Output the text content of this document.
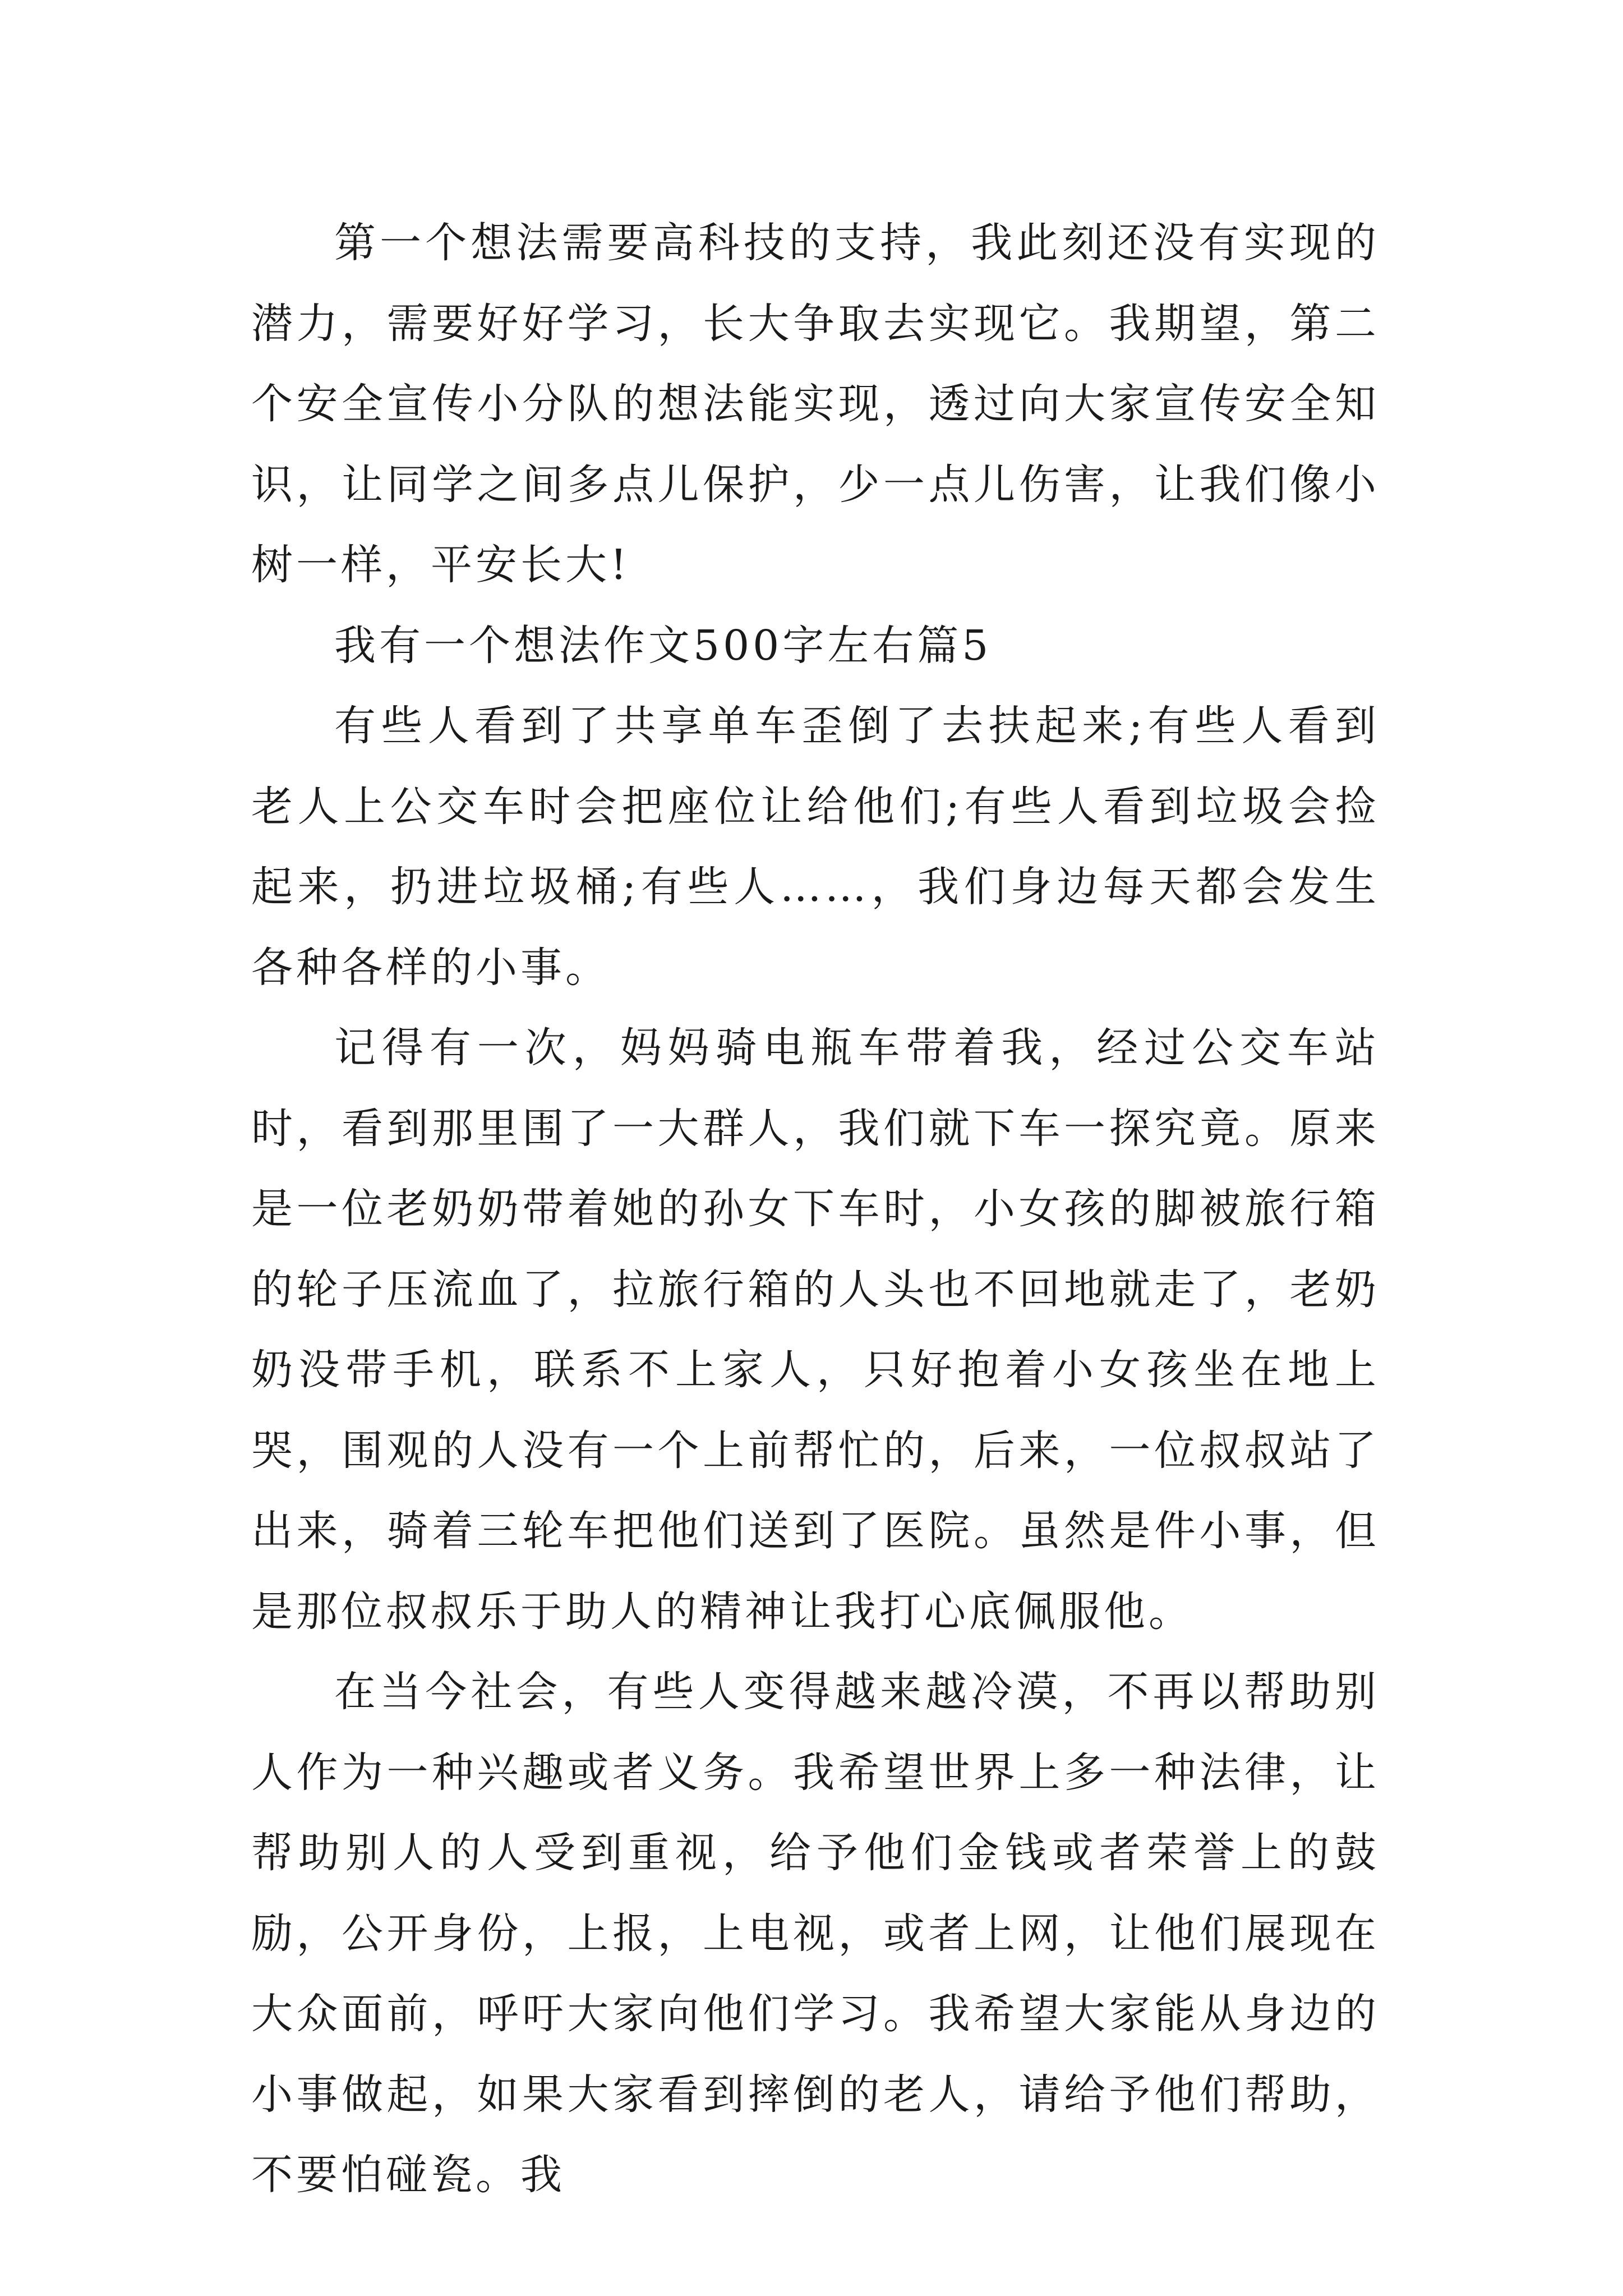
第一个想法需要高科技的支持，我此刻还没有实现的潜力，需要好好学习，长大争取去实现它。我期望，第二个安全宣传小分队的想法能实现，透过向大家宣传安全知识，让同学之间多点儿保护，少一点儿伤害，让我们像小树一样，平安长大!

我有一个想法作文500字左右篇5

有些人看到了共享单车歪倒了去扶起来;有些人看到老人上公交车时会把座位让给他们;有些人看到垃圾会捡起来，扔进垃圾桶;有些人……，我们身边每天都会发生各种各样的小事。

记得有一次，妈妈骑电瓶车带着我，经过公交车站时，看到那里围了一大群人，我们就下车一探究竟。原来是一位老奶奶带着她的孙女下车时，小女孩的脚被旅行箱的轮子压流血了，拉旅行箱的人头也不回地就走了，老奶奶没带手机，联系不上家人，只好抱着小女孩坐在地上哭，围观的人没有一个上前帮忙的，后来，一位叔叔站了出来，骑着三轮车把他们送到了医院。虽然是件小事，但是那位叔叔乐于助人的精神让我打心底佩服他。

在当今社会，有些人变得越来越冷漠，不再以帮助别人作为一种兴趣或者义务。我希望世界上多一种法律，让帮助别人的人受到重视，给予他们金钱或者荣誉上的鼓励，公开身份，上报，上电视，或者上网，让他们展现在大众面前，呼吁大家向他们学习。我希望大家能从身边的小事做起，如果大家看到摔倒的老人，请给予他们帮助，不要怕碰瓷。我
